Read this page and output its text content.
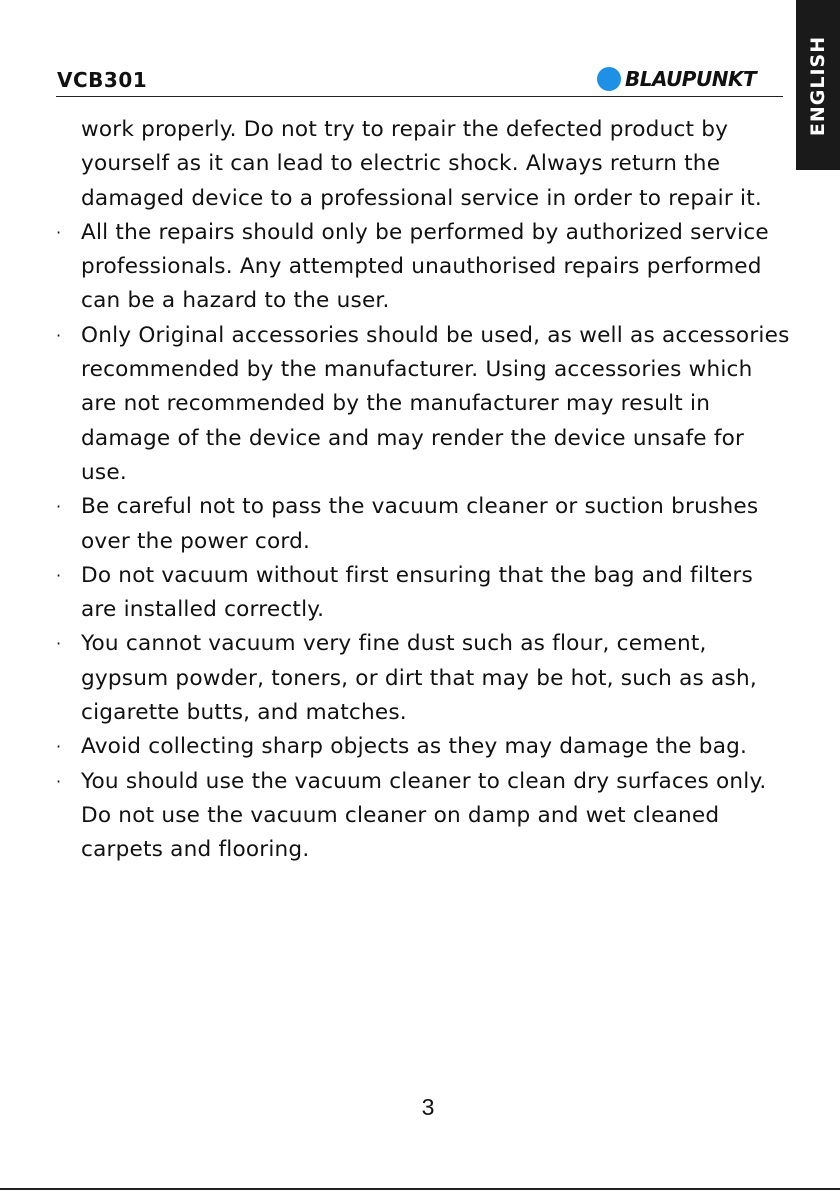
VCB301	BLAUPUNKT	ENGLISH
work properly. Do not try to repair the defected product by yourself as it can lead to electric shock. Always return the damaged device to a professional service in order to repair it.
· All the repairs should only be performed by authorized service professionals. Any attempted unauthorised repairs performed can be a hazard to the user.
· Only Original accessories should be used, as well as accessories recommended by the manufacturer. Using accessories which are not recommended by the manufacturer may result in damage of the device and may render the device unsafe for use.
· Be careful not to pass the vacuum cleaner or suction brushes over the power cord.
· Do not vacuum without first ensuring that the bag and filters are installed correctly.
· You cannot vacuum very fine dust such as flour, cement, gypsum powder, toners, or dirt that may be hot, such as ash, cigarette butts, and matches.
· Avoid collecting sharp objects as they may damage the bag.
· You should use the vacuum cleaner to clean dry surfaces only. Do not use the vacuum cleaner on damp and wet cleaned carpets and flooring.
3
